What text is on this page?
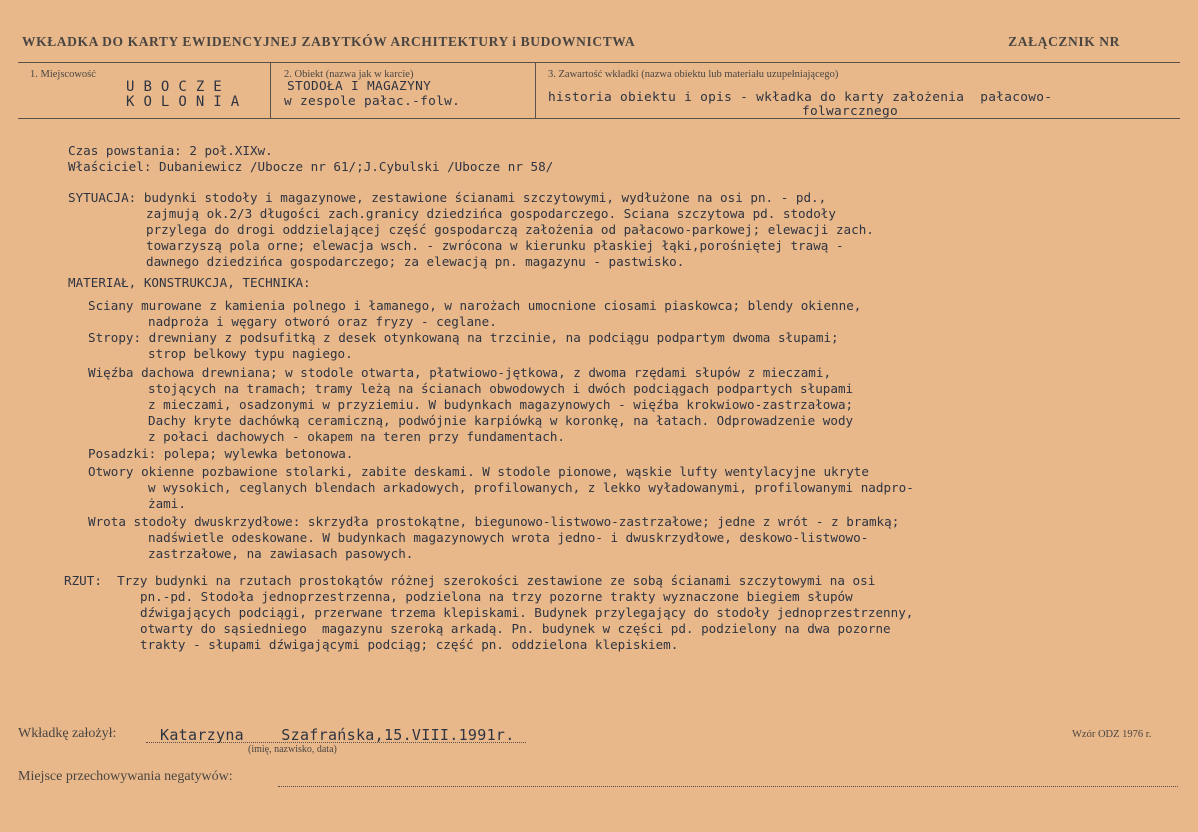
WKŁADKA DO KARTY EWIDENCYJNEJ ZABYTKÓW ARCHITEKTURY i BUDOWNICTWA	ZAŁĄCZNIK NR
1. Miejscowość
U B O C Z E
K O L O N I A
2. Obiekt (nazwa jak w karcie)
STODOŁA I MAGAZYNY
w zespole pałac.-folw.
3. Zawartość wkładki (nazwa obiektu lub materiału uzupełniającego)
historia obiektu i opis - wkładka do karty założenia  pałacowo-
folwarcznego
Czas powstania: 2 poł.XIXw.
Właściciel: Dubaniewicz /Ubocze nr 61/;J.Cybulski /Ubocze nr 58/
SYTUACJA: budynki stodoły i magazynowe, zestawione ścianami szczytowymi, wydłużone na osi pn. - pd.,
zajmują ok.2/3 długości zach.granicy dziedzińca gospodarczego. Sciana szczytowa pd. stodoły
przylega do drogi oddzielającej część gospodarczą założenia od pałacowo-parkowej; elewacji zach.
towarzyszą pola orne; elewacja wsch. - zwrócona w kierunku płaskiej łąki,porośniętej trawą -
dawnego dziedzińca gospodarczego; za elewacją pn. magazynu - pastwisko.
MATERIAŁ, KONSTRUKCJA, TECHNIKA:
Sciany murowane z kamienia polnego i łamanego, w narożach umocnione ciosami piaskowca; blendy okienne,
nadproża i węgary otworó oraz fryzy - ceglane.
Stropy: drewniany z podsufitką z desek otynkowaną na trzcinie, na podciągu podpartym dwoma słupami;
strop belkowy typu nagiego.
Więźba dachowa drewniana; w stodole otwarta, płatwiowo-jętkowa, z dwoma rzędami słupów z mieczami,
stojących na tramach; tramy leżą na ścianach obwodowych i dwóch podciągach podpartych słupami
z mieczami, osadzonymi w przyziemiu. W budynkach magazynowych - więźba krokwiowo-zastrzałowa;
Dachy kryte dachówką ceramiczną, podwójnie karpiówką w koronkę, na łatach. Odprowadzenie wody
z połaci dachowych - okapem na teren przy fundamentach.
Posadzki: polepa; wylewka betonowa.
Otwory okienne pozbawione stolarki, zabite deskami. W stodole pionowe, wąskie lufty wentylacyjne ukryte
w wysokich, ceglanych blendach arkadowych, profilowanych, z lekko wyładowanymi, profilowanymi nadpro-
żami.
Wrota stodoły dwuskrzydłowe: skrzydła prostokątne, biegunowo-listwowo-zastrzałowe; jedne z wrót - z bramką;
nadświetle odeskowane. W budynkach magazynowych wrota jedno- i dwuskrzydłowe, deskowo-listwowo-
zastrzałowe, na zawiasach pasowych.
RZUT:  Trzy budynki na rzutach prostokątów różnej szerokości zestawione ze sobą ścianami szczytowymi na osi
pn.-pd. Stodoła jednoprzestrzenna, podzielona na trzy pozorne trakty wyznaczone biegiem słupów
dźwigających podciągi, przerwane trzema klepiskami. Budynek przylegający do stodoły jednoprzestrzenny,
otwarty do sąsiedniego  magazynu szeroką arkadą. Pn. budynek w części pd. podzielony na dwa pozorne
trakty - słupami dźwigającymi podciąg; część pn. oddzielona klepiskiem.
Wkładkę założył:	Katarzyna    Szafrańska,15.VIII.1991r.
(imię, nazwisko, data)
Wzór ODZ 1976 r.
Miejsce przechowywania negatywów:
